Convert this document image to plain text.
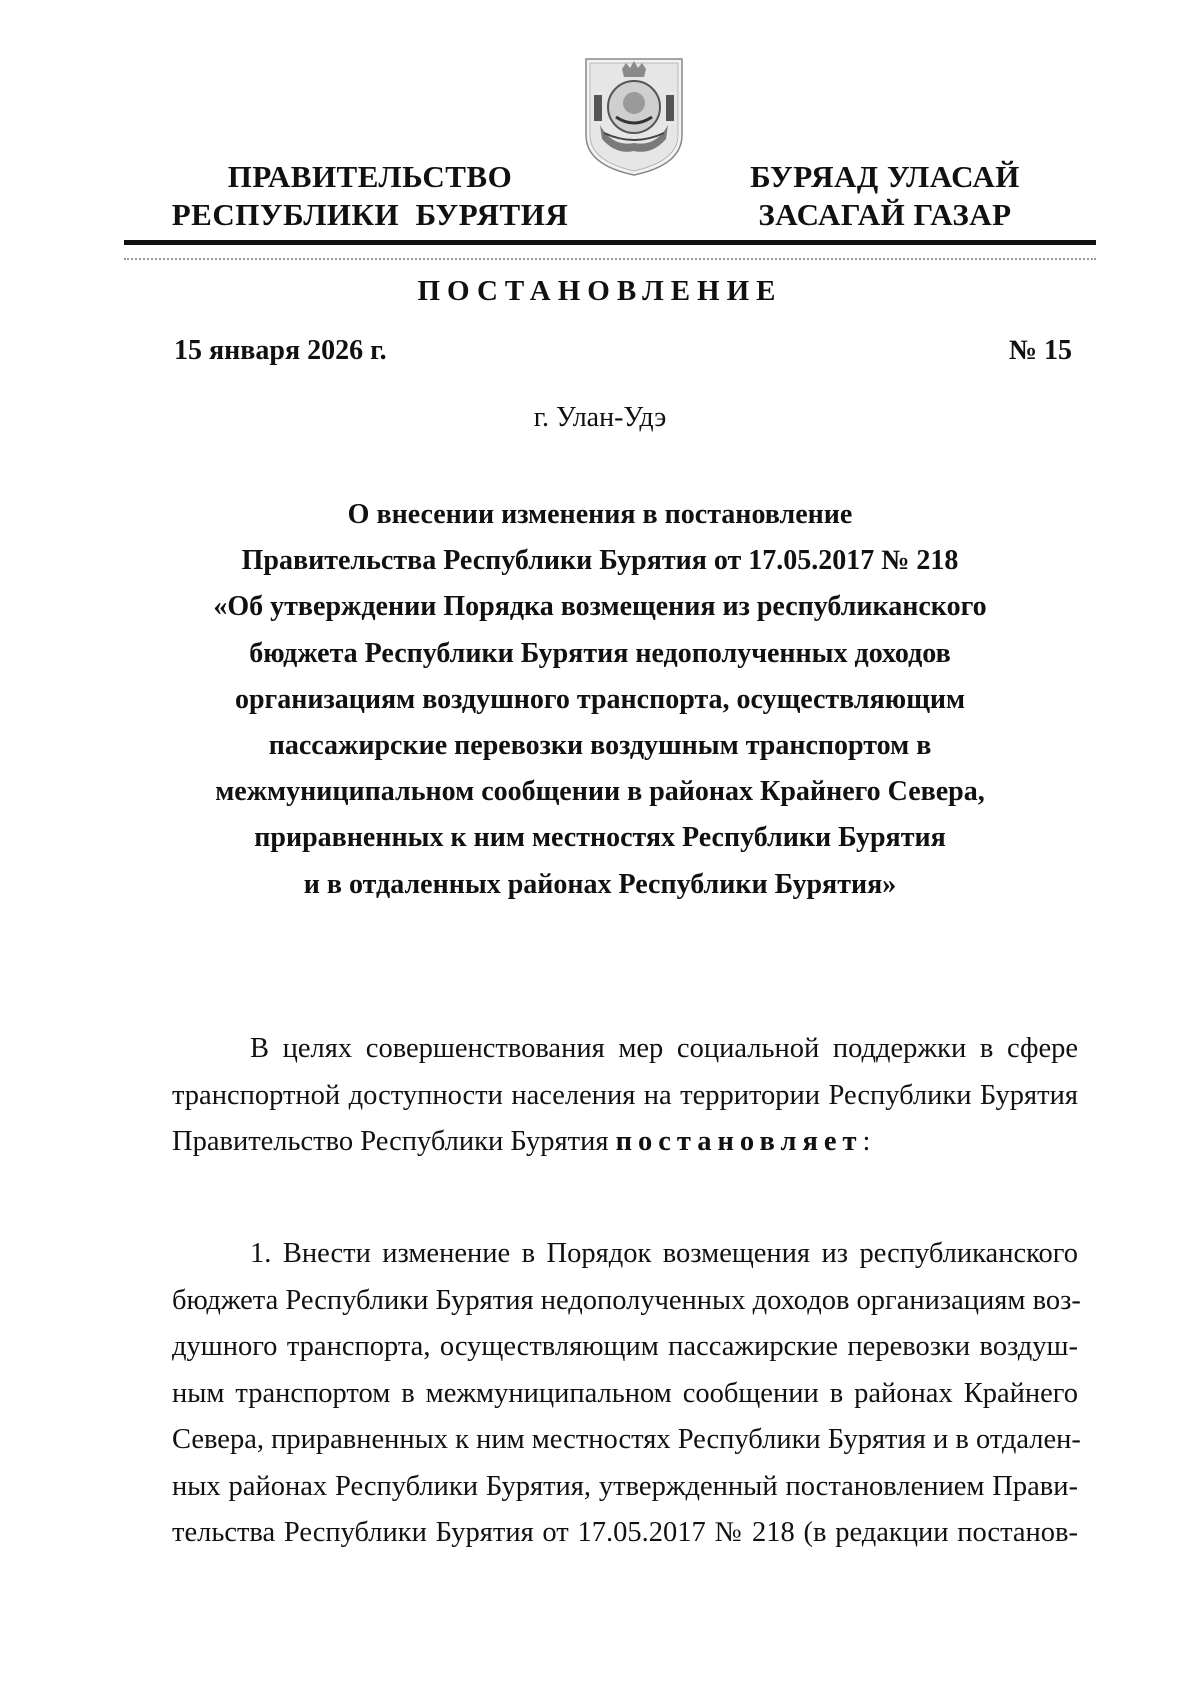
ПРАВИТЕЛЬСТВО
РЕСПУБЛИКИ  БУРЯТИЯ
БУРЯАД УЛАСАЙ
ЗАСАГАЙ ГАЗАР
ПОСТАНОВЛЕНИЕ
15 января 2026 г.	№ 15
г. Улан-Удэ
О внесении изменения в постановление
Правительства Республики Бурятия от 17.05.2017 № 218
«Об утверждении Порядка возмещения из республиканского
бюджета Республики Бурятия недополученных доходов
организациям воздушного транспорта, осуществляющим
пассажирские перевозки воздушным транспортом в
межмуниципальном сообщении в районах Крайнего Севера,
приравненных к ним местностях Республики Бурятия
и в отдаленных районах Республики Бурятия»
В целях совершенствования мер социальной поддержки в сфере
транспортной доступности населения на территории Республики Бурятия
Правительство Республики Бурятия постановляет:
1. Внести изменение в Порядок возмещения из республиканского
бюджета Республики Бурятия недополученных доходов организациям воз-
душного транспорта, осуществляющим пассажирские перевозки воздуш-
ным транспортом в межмуниципальном сообщении в районах Крайнего
Севера, приравненных к ним местностях Республики Бурятия и в отдален-
ных районах Республики Бурятия, утвержденный постановлением Прави-
тельства Республики Бурятия от 17.05.2017 № 218 (в редакции постанов-
